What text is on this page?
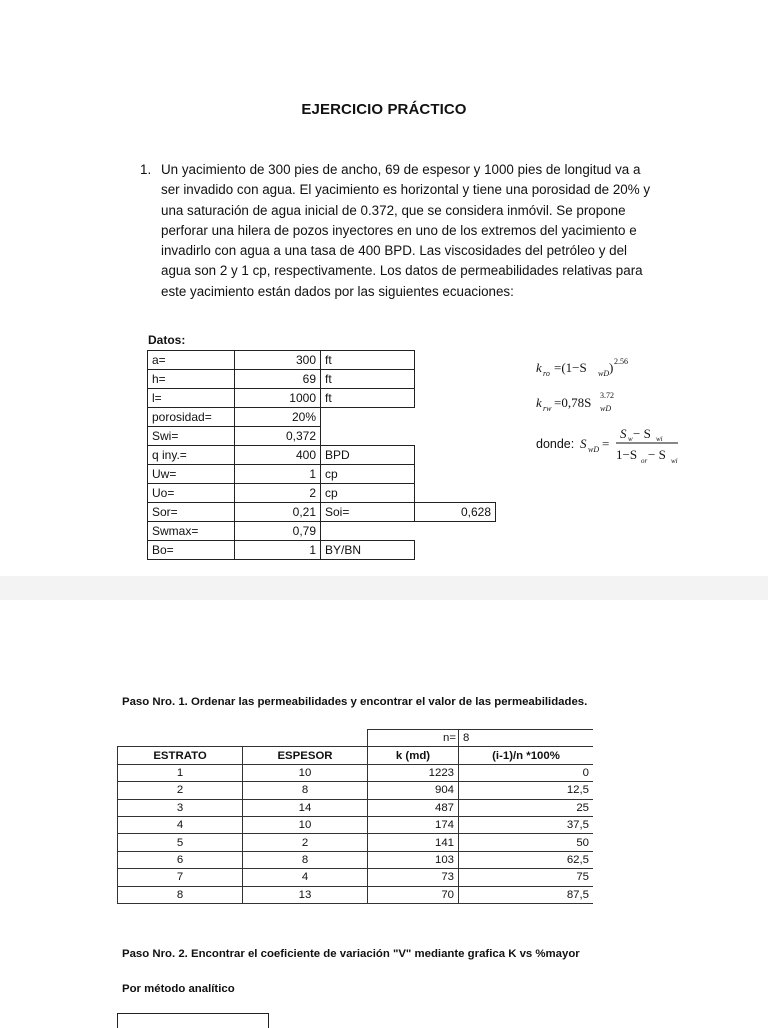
EJERCICIO PRÁCTICO
1. Un yacimiento de 300 pies de ancho, 69 de espesor y 1000 pies de longitud va a ser invadido con agua. El yacimiento es horizontal y tiene una porosidad de 20% y una saturación de agua inicial de 0.372, que se considera inmóvil. Se propone perforar una hilera de pozos inyectores en uno de los extremos del yacimiento e invadirlo con agua a una tasa de 400 BPD. Las viscosidades del petróleo y del agua son 2 y 1 cp, respectivamente. Los datos de permeabilidades relativas para este yacimiento están dados por las siguientes ecuaciones:
Datos:
a=	300	ft	
h=	69	ft	
l=	1000	ft	
porosidad=	20%		
Swi=	0,372		
q iny.=	400	BPD	
Uw=	1	cp	
Uo=	2	cp	
Sor=	0,21	Soi=	0,628
Swmax=	0,79		
Bo=	1	BY/BN	
k ro =(1−S wD ) 2.56
k rw =0,78S wD
3.72
donde: S wD =
S w − S wi
1−S or − S wi
Paso Nro. 1. Ordenar las permeabilidades y encontrar el valor de las permeabilidades.
		n=	8
ESTRATO	ESPESOR	k (md)	(i-1)/n *100%
1	10	1223	0
2	8	904	12,5
3	14	487	25
4	10	174	37,5
5	2	141	50
6	8	103	62,5
7	4	73	75
8	13	70	87,5
Paso Nro. 2. Encontrar el coeficiente de variación "V" mediante grafica K vs %mayor
Por método analítico
